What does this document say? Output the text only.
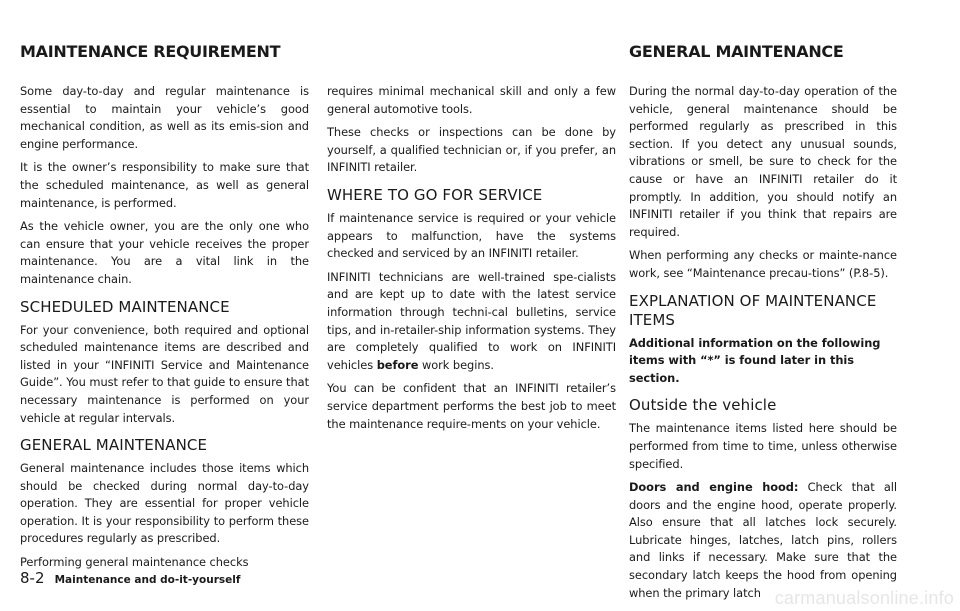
MAINTENANCE REQUIREMENT	GENERAL MAINTENANCE

Some day-to-day and regular maintenance is essential to maintain your vehicle’s good mechanical condition, as well as its emis-sion and engine performance.

It is the owner’s responsibility to make sure that the scheduled maintenance, as well as general maintenance, is performed.

As the vehicle owner, you are the only one who can ensure that your vehicle receives the proper maintenance. You are a vital link in the maintenance chain.

SCHEDULED MAINTENANCE

For your convenience, both required and optional scheduled maintenance items are described and listed in your “INFINITI Service and Maintenance Guide”. You must refer to that guide to ensure that necessary maintenance is performed on your vehicle at regular intervals.

GENERAL MAINTENANCE

General maintenance includes those items which should be checked during normal day-to-day operation. They are essential for proper vehicle operation. It is your responsibility to perform these procedures regularly as prescribed.

Performing general maintenance checks

requires minimal mechanical skill and only a few general automotive tools.

These checks or inspections can be done by yourself, a qualified technician or, if you prefer, an INFINITI retailer.

WHERE TO GO FOR SERVICE

If maintenance service is required or your vehicle appears to malfunction, have the systems checked and serviced by an INFINITI retailer.

INFINITI technicians are well-trained spe-cialists and are kept up to date with the latest service information through techni-cal bulletins, service tips, and in-retailer-ship information systems. They are completely qualified to work on INFINITI vehicles before work begins.

You can be confident that an INFINITI retailer’s service department performs the best job to meet the maintenance require-ments on your vehicle.

During the normal day-to-day operation of the vehicle, general maintenance should be performed regularly as prescribed in this section. If you detect any unusual sounds, vibrations or smell, be sure to check for the cause or have an INFINITI retailer do it promptly. In addition, you should notify an INFINITI retailer if you think that repairs are required.

When performing any checks or mainte-nance work, see “Maintenance precau-tions” (P.8-5).

EXPLANATION OF MAINTENANCE ITEMS

Additional information on the following items with “*” is found later in this section.

Outside the vehicle

The maintenance items listed here should be performed from time to time, unless otherwise specified.

Doors and engine hood: Check that all doors and the engine hood, operate properly. Also ensure that all latches lock securely. Lubricate hinges, latches, latch pins, rollers and links if necessary. Make sure that the secondary latch keeps the hood from opening when the primary latch

8-2 Maintenance and do-it-yourself
carmanualsonline.info
